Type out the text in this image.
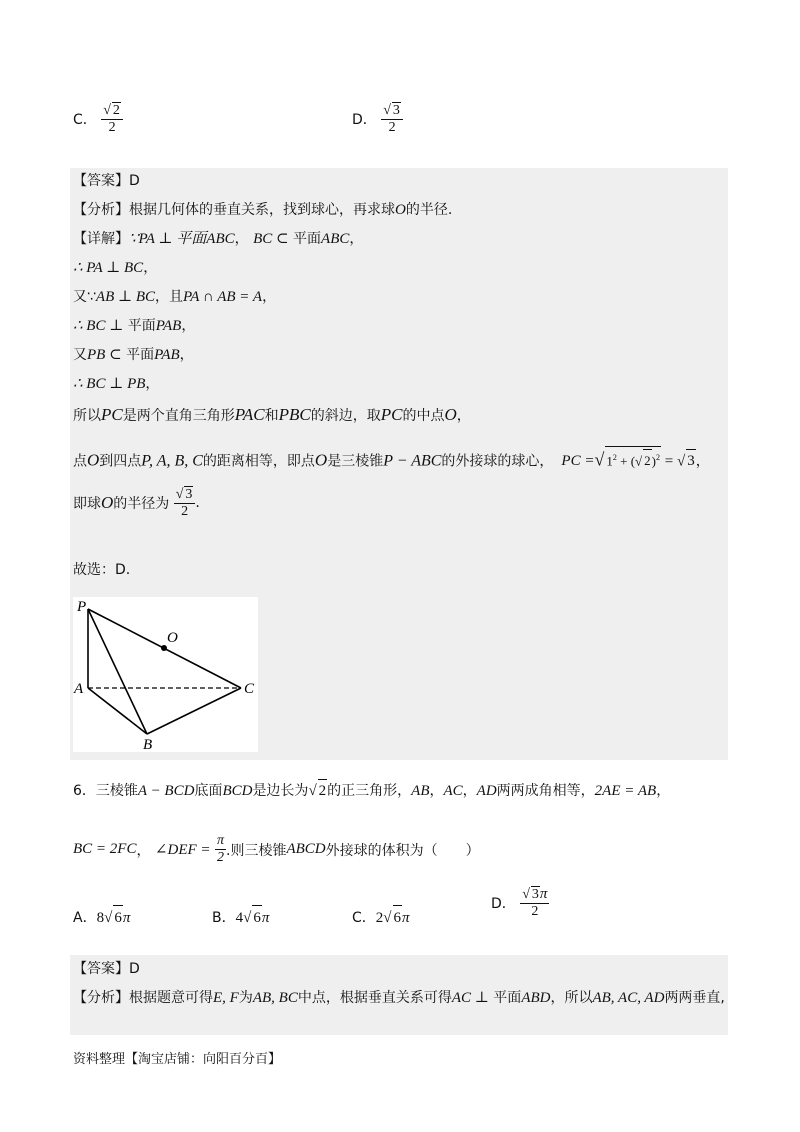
C． $\frac{√ 2}{2}$	D． $\frac{√ 3}{2}$
【答案】D
【分析】根据几何体的垂直关系，找到球心，再求球O的半径.
【详解】∵PA ⊥ 平面ABC， BC ⊂ 平面ABC，
∴ PA ⊥ BC，
又∵AB ⊥ BC，且PA ∩ AB = A，
∴ BC ⊥ 平面PAB，
又PB ⊂ 平面PAB，
∴ BC ⊥ PB，
所以PC是两个直角三角形PAC和PBC的斜边，取PC的中点O，
点O到四点P, A, B, C的距离相等，即点O是三棱锥P − ABC的外接球的球心， PC =√ $1^2$ + (√ 2)$^2$ = √ 3，
即球O的半径为 $\frac{√ 3}{2}$ .
故选：D.
P
O
A	C
B
6．三棱锥A − BCD底面BCD是边长为√ 2的正三角形，AB，AC，AD两两成角相等，2AE = AB，
BC = 2FC， ∠DEF = $\frac{\pi}{2}$ .则三棱锥ABCD外接球的体积为（　　）
A．8√ 6π	B．4√ 6π	C．2√ 6π
D． $\frac{√ 3\pi}{2}$
【答案】D
【分析】根据题意可得E, F为AB, BC中点，根据垂直关系可得AC ⊥ 平面ABD，所以AB, AC, AD两两垂直,
资料整理【淘宝店铺：向阳百分百】
